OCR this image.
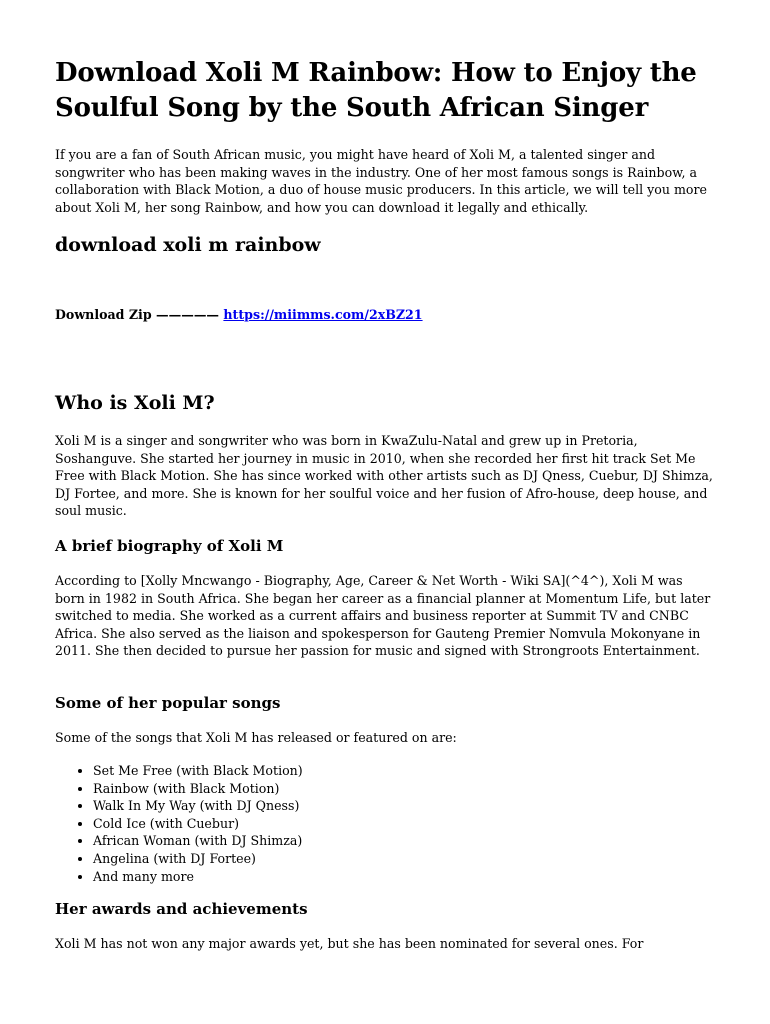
Download Xoli M Rainbow: How to Enjoy the Soulful Song by the South African Singer

If you are a fan of South African music, you might have heard of Xoli M, a talented singer and songwriter who has been making waves in the industry. One of her most famous songs is Rainbow, a collaboration with Black Motion, a duo of house music producers. In this article, we will tell you more about Xoli M, her song Rainbow, and how you can download it legally and ethically.

download xoli m rainbow
Download Zip ————— https://miimms.com/2xBZ21
Who is Xoli M?

Xoli M is a singer and songwriter who was born in KwaZulu-Natal and grew up in Pretoria, Soshanguve. She started her journey in music in 2010, when she recorded her first hit track Set Me Free with Black Motion. She has since worked with other artists such as DJ Qness, Cuebur, DJ Shimza, DJ Fortee, and more. She is known for her soulful voice and her fusion of Afro-house, deep house, and soul music.

A brief biography of Xoli M

According to [Xolly Mncwango - Biography, Age, Career & Net Worth - Wiki SA](^4^), Xoli M was born in 1982 in South Africa. She began her career as a financial planner at Momentum Life, but later switched to media. She worked as a current affairs and business reporter at Summit TV and CNBC Africa. She also served as the liaison and spokesperson for Gauteng Premier Nomvula Mokonyane in 2011. She then decided to pursue her passion for music and signed with Strongroots Entertainment.

Some of her popular songs

Some of the songs that Xoli M has released or featured on are:

• Set Me Free (with Black Motion)
• Rainbow (with Black Motion)
• Walk In My Way (with DJ Qness)
• Cold Ice (with Cuebur)
• African Woman (with DJ Shimza)
• Angelina (with DJ Fortee)
• And many more
Her awards and achievements

Xoli M has not won any major awards yet, but she has been nominated for several ones. For
